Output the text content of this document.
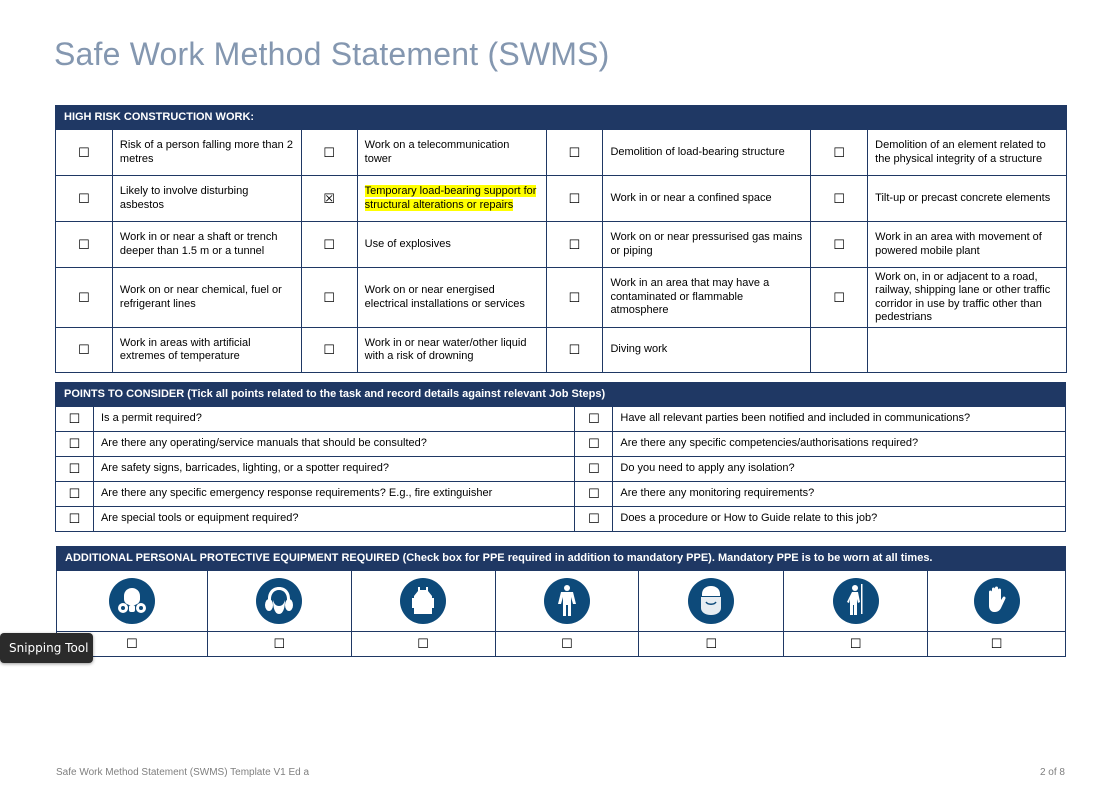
Safe Work Method Statement (SWMS)
HIGH RISK CONSTRUCTION WORK:							
☐	Risk of a person falling more than 2 metres	☐	Work on a telecommunication tower	☐	Demolition of load-bearing structure	☐	Demolition of an element related to the physical integrity of a structure
☐	Likely to involve disturbing asbestos	☒	Temporary load-bearing support for structural alterations or repairs	☐	Work in or near a confined space	☐	Tilt-up or precast concrete elements
☐	Work in or near a shaft or trench deeper than 1.5 m or a tunnel	☐	Use of explosives	☐	Work on or near pressurised gas mains or piping	☐	Work in an area with movement of powered mobile plant
☐	Work on or near chemical, fuel or refrigerant lines	☐	Work on or near energised electrical installations or services	☐	Work in an area that may have a contaminated or flammable atmosphere	☐	Work on, in or adjacent to a road, railway, shipping lane or other traffic corridor in use by traffic other than pedestrians
☐	Work in areas with artificial extremes of temperature	☐	Work in or near water/other liquid with a risk of drowning	☐	Diving work		
POINTS TO CONSIDER (Tick all points related to the task and record details against relevant Job Steps)			
☐	Is a permit required?	☐	Have all relevant parties been notified and included in communications?
☐	Are there any operating/service manuals that should be consulted?	☐	Are there any specific competencies/authorisations required?
☐	Are safety signs, barricades, lighting, or a spotter required?	☐	Do you need to apply any isolation?
☐	Are there any specific emergency response requirements? E.g., fire extinguisher	☐	Are there any monitoring requirements?
☐	Are special tools or equipment required?	☐	Does a procedure or How to Guide relate to this job?
ADDITIONAL PERSONAL PROTECTIVE EQUIPMENT REQUIRED (Check box for PPE required in addition to mandatory PPE). Mandatory PPE is to be worn at all times.						

☐	☐	☐	☐	☐	☐	☐
Snipping Tool
Safe Work Method Statement (SWMS) Template V1 Ed a	2 of 8
